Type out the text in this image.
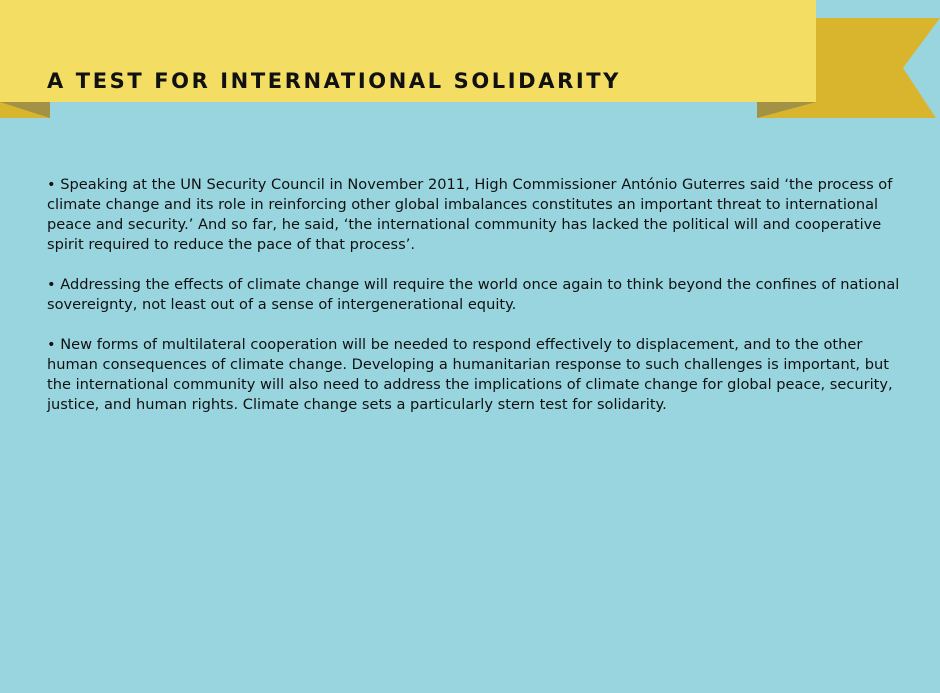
A TEST FOR INTERNATIONAL SOLIDARITY

• Speaking at the UN Security Council in November 2011, High Commissioner António Guterres said ‘the process of climate change and its role in reinforcing other global imbalances constitutes an important threat to international peace and security.’ And so far, he said, ‘the international community has lacked the political will and cooperative spirit required to reduce the pace of that process’.

• Addressing the effects of climate change will require the world once again to think beyond the confines of national sovereignty, not least out of a sense of intergenerational equity.

• New forms of multilateral cooperation will be needed to respond effectively to displacement, and to the other human consequences of climate change. Developing a humanitarian response to such challenges is important, but the international community will also need to address the implications of climate change for global peace, security, justice, and human rights. Climate change sets a particularly stern test for solidarity.
